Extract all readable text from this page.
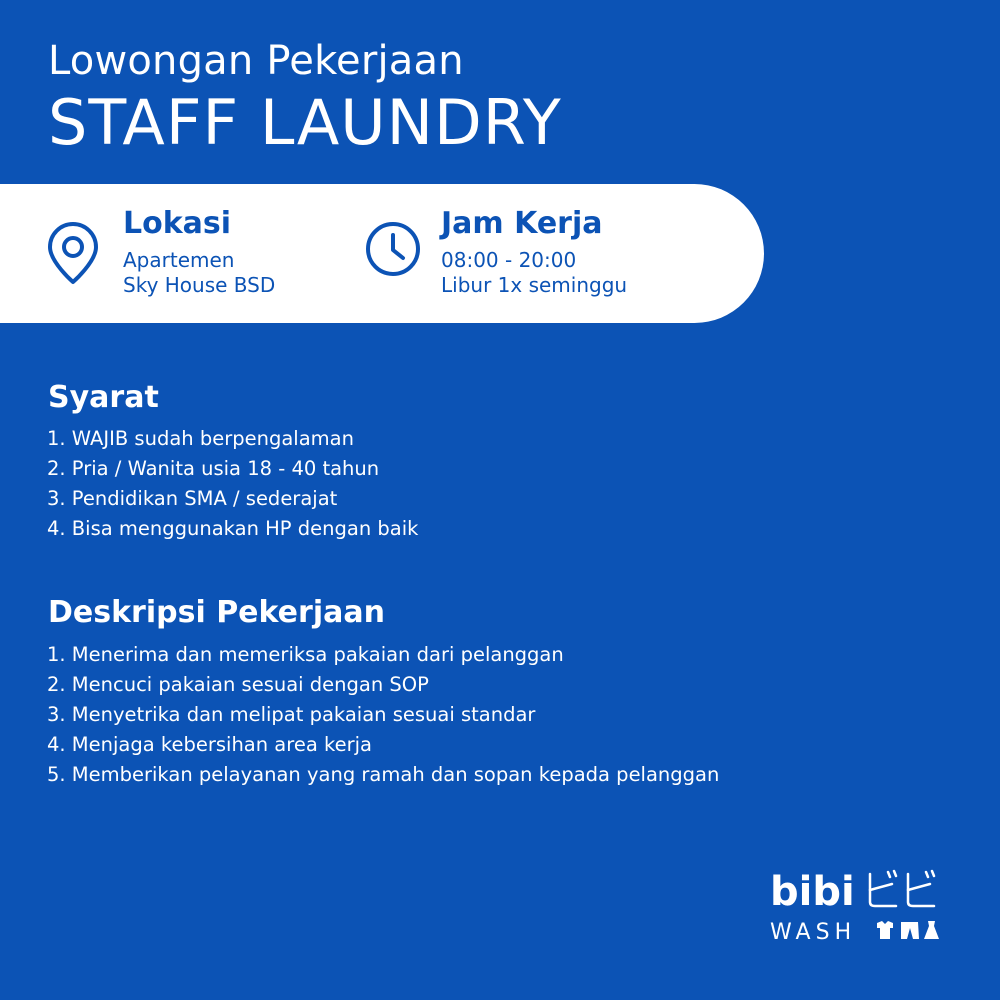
Lowongan Pekerjaan
STAFF LAUNDRY
Lokasi
Apartemen
Sky House BSD
Jam Kerja
08:00 - 20:00
Libur 1x seminggu
Syarat
1. WAJIB sudah berpengalaman
2. Pria / Wanita usia 18 - 40 tahun
3. Pendidikan SMA / sederajat
4. Bisa menggunakan HP dengan baik
Deskripsi Pekerjaan
1. Menerima dan memeriksa pakaian dari pelanggan
2. Mencuci pakaian sesuai dengan SOP
3. Menyetrika dan melipat pakaian sesuai standar
4. Menjaga kebersihan area kerja
5. Memberikan pelayanan yang ramah dan sopan kepada pelanggan
bibi
WASH
